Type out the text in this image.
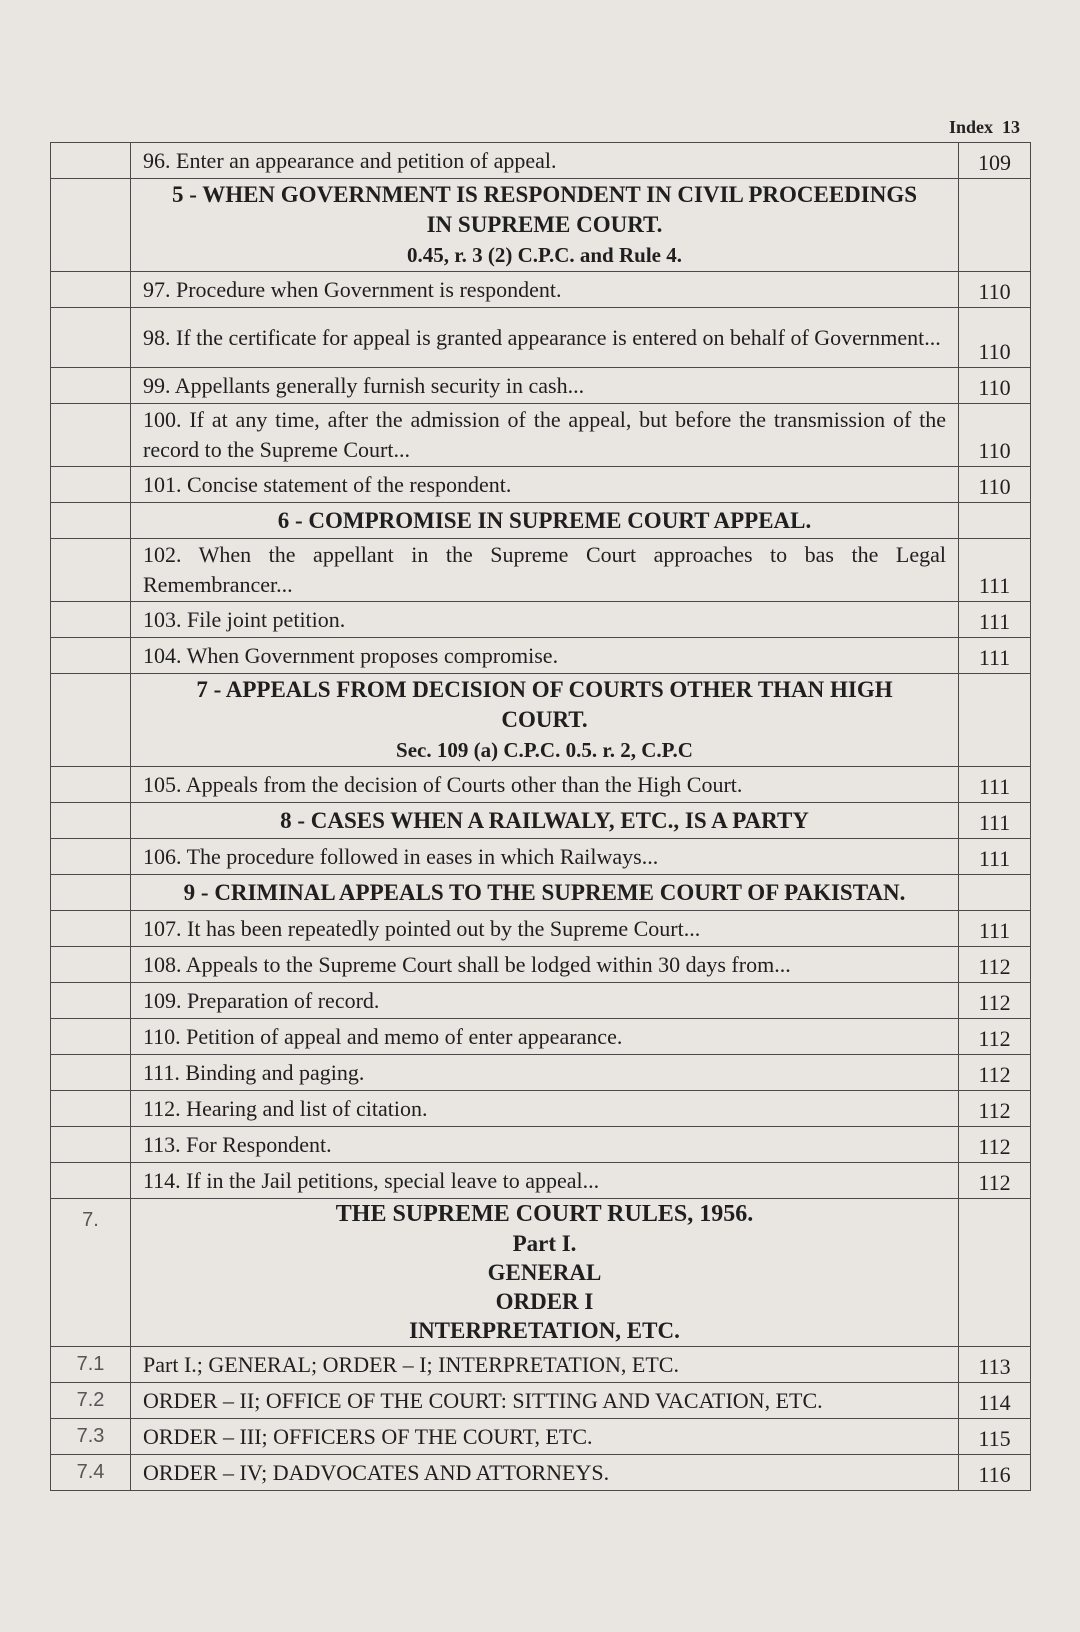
Index 13
	96. Enter an appearance and petition of appeal.	109

	5 - WHEN GOVERNMENT IS RESPONDENT IN CIVIL PROCEEDINGS
IN SUPREME COURT.
0.45, r. 3 (2) C.P.C. and Rule 4.	

	97. Procedure when Government is respondent.	110
	98. If the certificate for appeal is granted appearance is entered on behalf of Government...	110
	99. Appellants generally furnish security in cash...	110
	100. If at any time, after the admission of the appeal, but before the transmission of the record to the Supreme Court...	110
	101. Concise statement of the respondent.	110

	6 - COMPROMISE IN SUPREME COURT APPEAL.	

	102. When the appellant in the Supreme Court approaches to bas the Legal Remembrancer...	111
	103. File joint petition.	111
	104. When Government proposes compromise.	111

	7 - APPEALS FROM DECISION OF COURTS OTHER THAN HIGH
COURT.
Sec. 109 (a) C.P.C. 0.5. r. 2, C.P.C	

	105. Appeals from the decision of Courts other than the High Court.	111

	8 - CASES WHEN A RAILWALY, ETC., IS A PARTY	111
	106. The procedure followed in eases in which Railways...	111

	9 - CRIMINAL APPEALS TO THE SUPREME COURT OF PAKISTAN.	

	107. It has been repeatedly pointed out by the Supreme Court...	111
	108. Appeals to the Supreme Court shall be lodged within 30 days from...	112
	109. Preparation of record.	112
	110. Petition of appeal and memo of enter appearance.	112
	111. Binding and paging.	112
	112. Hearing and list of citation.	112
	113. For Respondent.	112
	114. If in the Jail petitions, special leave to appeal...	112
7.	THE SUPREME COURT RULES, 1956.
Part I.
GENERAL
ORDER I
INTERPRETATION, ETC.	

7.1	Part I.; GENERAL; ORDER – I; INTERPRETATION, ETC.	113
7.2	ORDER – II; OFFICE OF THE COURT: SITTING AND VACATION, ETC.	114
7.3	ORDER – III; OFFICERS OF THE COURT, ETC.	115
7.4	ORDER – IV; DADVOCATES AND ATTORNEYS.	116
